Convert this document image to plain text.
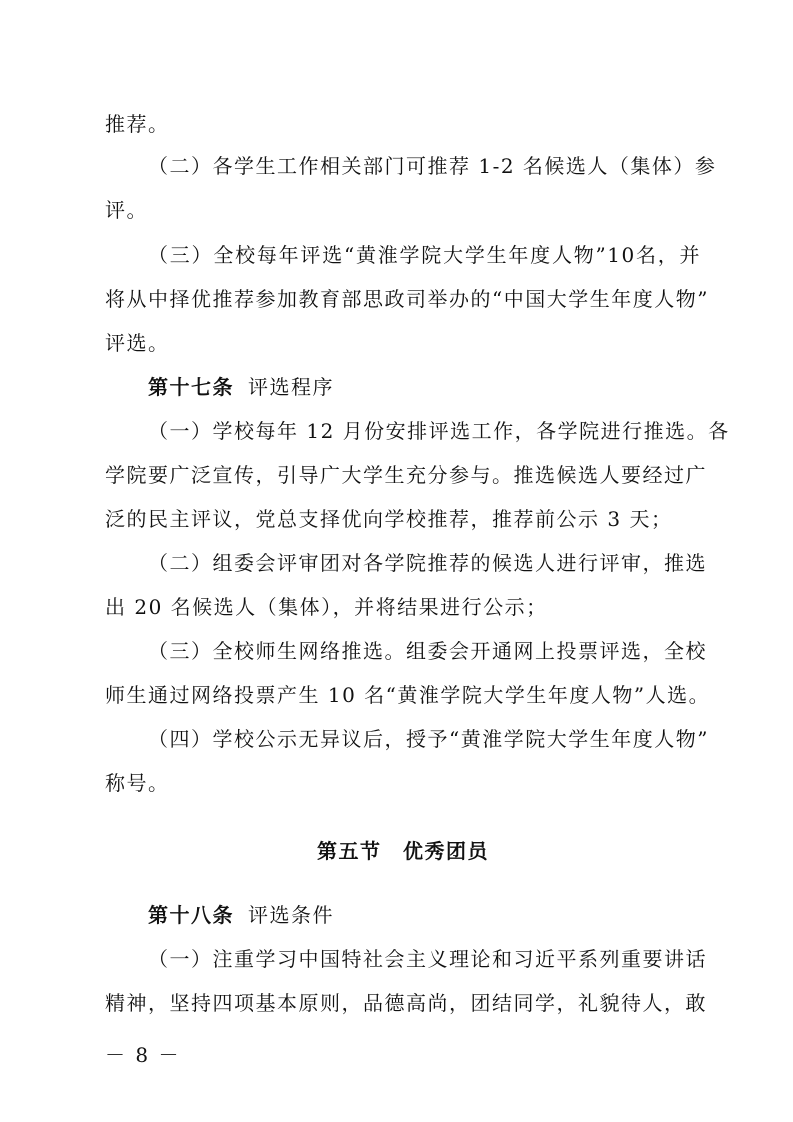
推荐。
（二）各学生工作相关部门可推荐 1-2 名候选人（集体）参
评。
（三）全校每年评选“黄淮学院大学生年度人物”10名，并
将从中择优推荐参加教育部思政司举办的“中国大学生年度人物”
评选。
第十七条 评选程序
（一）学校每年 12 月份安排评选工作，各学院进行推选。各
学院要广泛宣传，引导广大学生充分参与。推选候选人要经过广
泛的民主评议，党总支择优向学校推荐，推荐前公示 3 天；
（二）组委会评审团对各学院推荐的候选人进行评审，推选
出 20 名候选人（集体），并将结果进行公示；
（三）全校师生网络推选。组委会开通网上投票评选，全校
师生通过网络投票产生 10 名“黄淮学院大学生年度人物”人选。
（四）学校公示无异议后，授予“黄淮学院大学生年度人物”
称号。
第五节　优秀团员
第十八条 评选条件
（一）注重学习中国特社会主义理论和习近平系列重要讲话
精神，坚持四项基本原则，品德高尚，团结同学，礼貌待人，敢
－ 8 －
